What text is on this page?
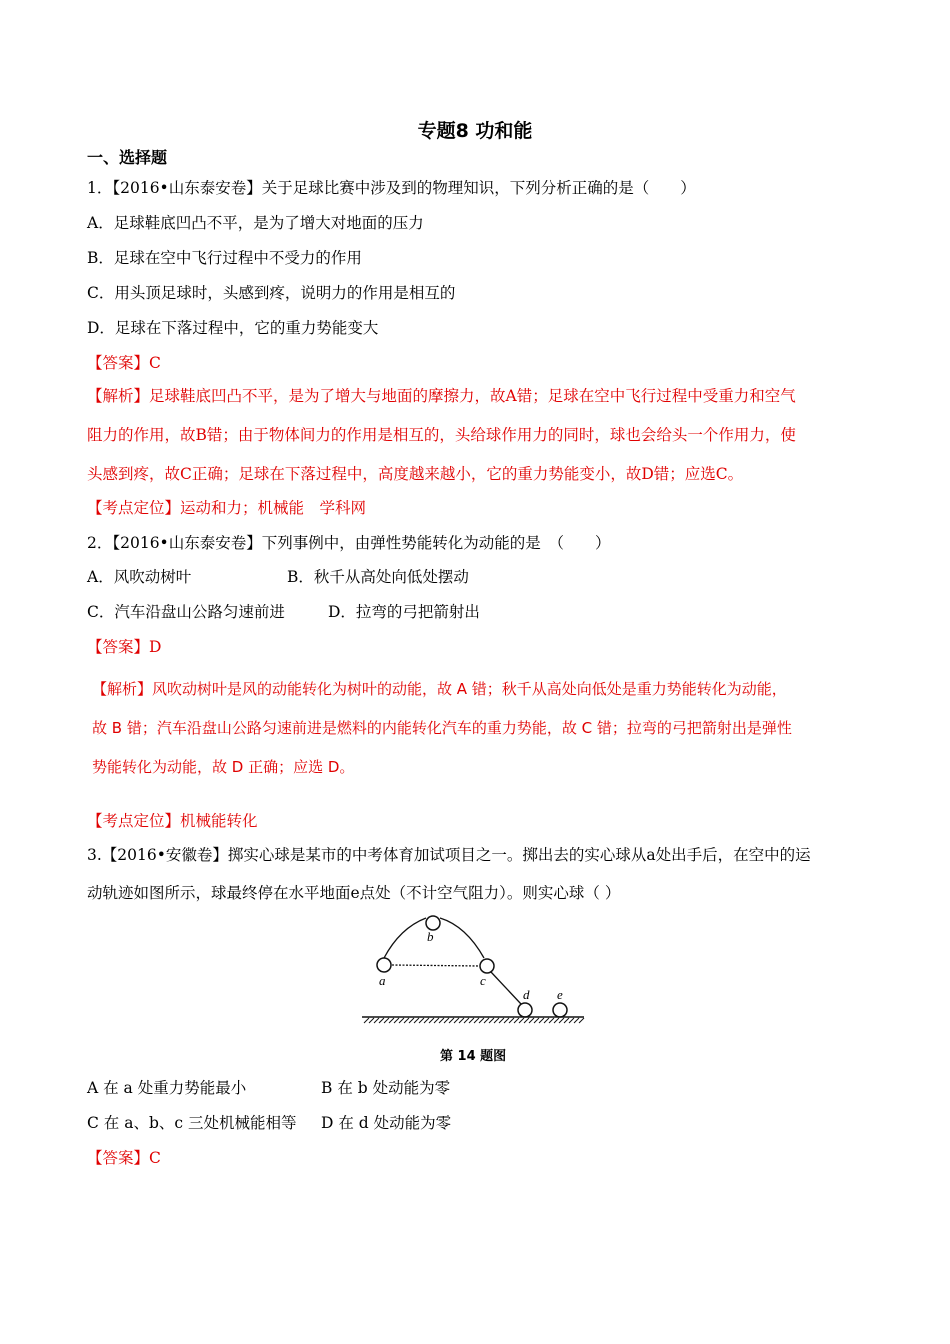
专题8 功和能
一、选择题
1．【2016•山东泰安卷】关于足球比赛中涉及到的物理知识，下列分析正确的是（　　）
A．足球鞋底凹凸不平，是为了增大对地面的压力
B．足球在空中飞行过程中不受力的作用
C．用头顶足球时，头感到疼，说明力的作用是相互的
D．足球在下落过程中，它的重力势能变大
【答案】C
【解析】足球鞋底凹凸不平，是为了增大与地面的摩擦力，故A错；足球在空中飞行过程中受重力和空气
阻力的作用，故B错；由于物体间力的作用是相互的，头给球作用力的同时，球也会给头一个作用力，使
头感到疼，故C正确；足球在下落过程中，高度越来越小，它的重力势能变小，故D错；应选C。
【考点定位】运动和力；机械能　学科网
2．【2016•山东泰安卷】下列事例中，由弹性势能转化为动能的是　（　　）
A．风吹动树叶	B．秋千从高处向低处摆动
C．汽车沿盘山公路匀速前进	D．拉弯的弓把箭射出
【答案】D
【解析】风吹动树叶是风的动能转化为树叶的动能，故 A 错；秋千从高处向低处是重力势能转化为动能，
故 B 错；汽车沿盘山公路匀速前进是燃料的内能转化汽车的重力势能，故 C 错；拉弯的弓把箭射出是弹性
势能转化为动能，故 D 正确；应选 D。
【考点定位】机械能转化
3.【2016•安徽卷】掷实心球是某市的中考体育加试项目之一。掷出去的实心球从a处出手后，在空中的运
动轨迹如图所示，球最终停在水平地面e点处（不计空气阻力）。则实心球（ ）
a
b
c
d e
第 14 题图
A 在 a 处重力势能最小	B 在 b 处动能为零
C 在 a、b、c 三处机械能相等 D 在 d 处动能为零
【答案】C
